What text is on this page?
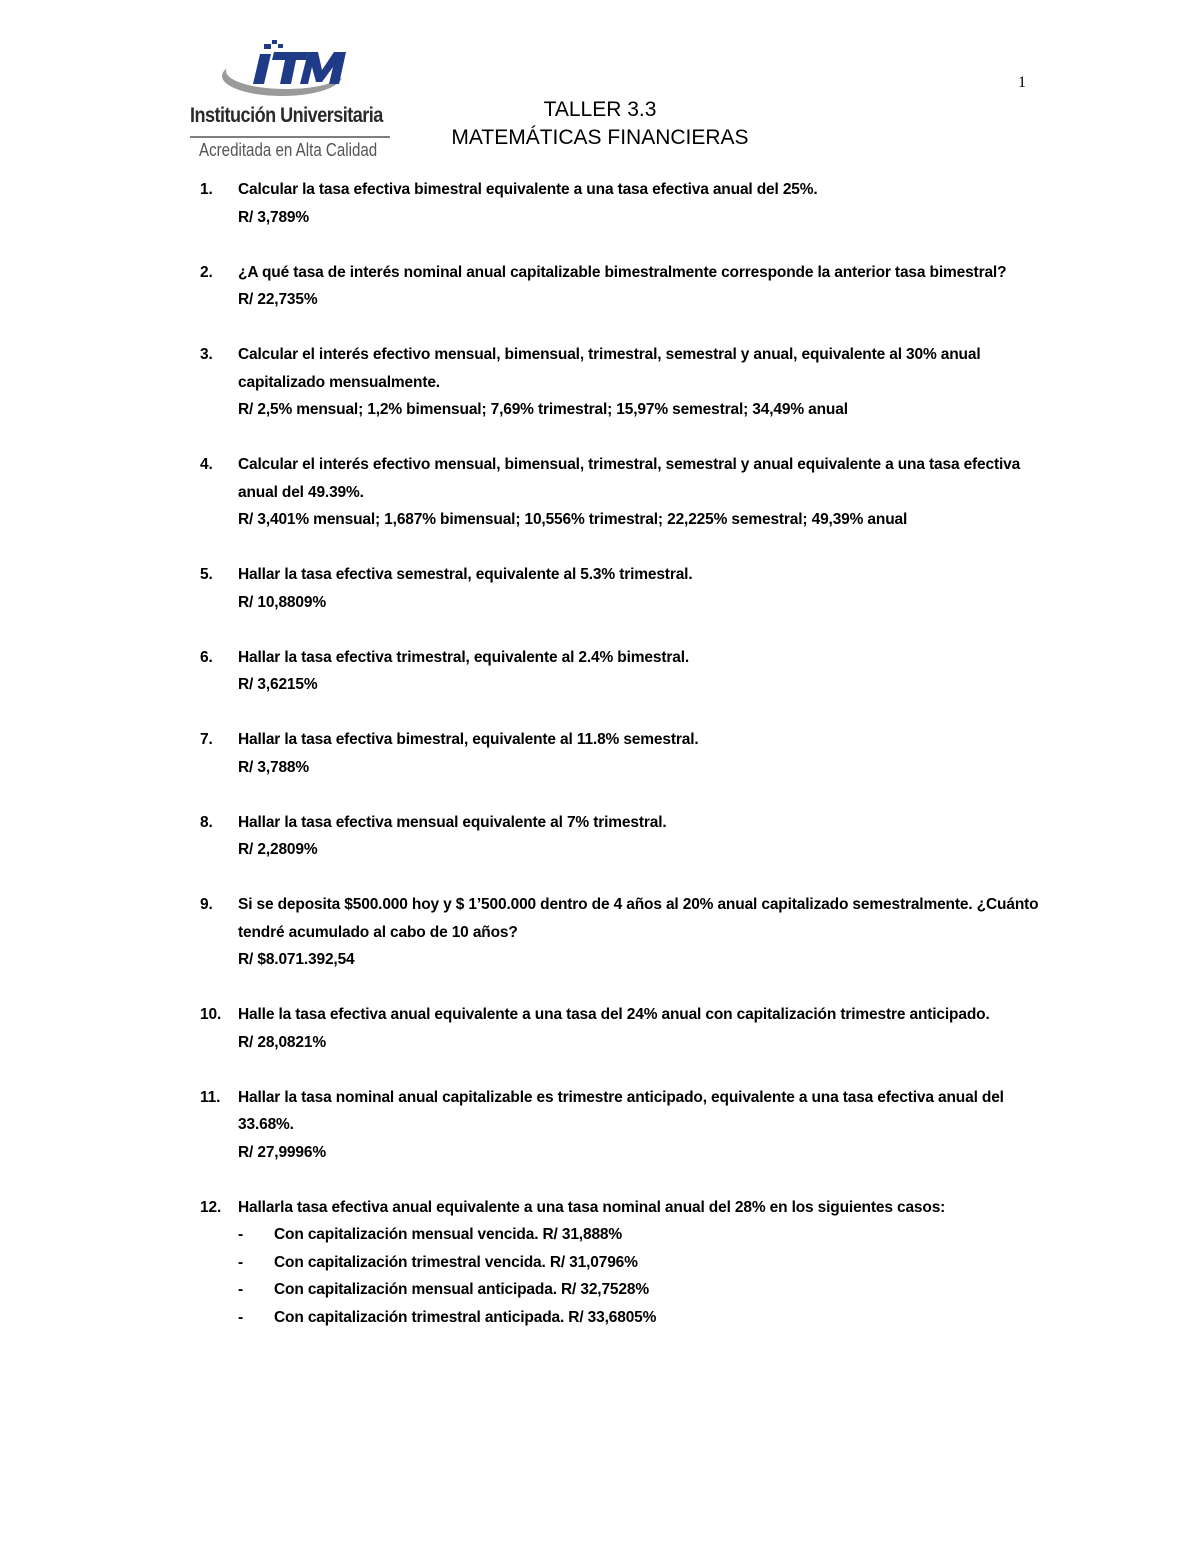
1
Institución Universitaria
Acreditada en Alta Calidad
TALLER 3.3
MATEMÁTICAS FINANCIERAS
1.	Calcular la tasa efectiva bimestral equivalente a una tasa efectiva anual del 25%.
R/ 3,789%
2.	¿A qué tasa de interés nominal anual capitalizable bimestralmente corresponde la anterior tasa bimestral?
R/ 22,735%
3.	Calcular el interés efectivo mensual, bimensual, trimestral, semestral y anual, equivalente al 30% anual capitalizado mensualmente.
R/ 2,5% mensual; 1,2% bimensual; 7,69% trimestral; 15,97% semestral; 34,49% anual
4.	Calcular el interés efectivo mensual, bimensual, trimestral, semestral y anual equivalente a una tasa efectiva anual del 49.39%.
R/ 3,401% mensual; 1,687% bimensual; 10,556% trimestral; 22,225% semestral; 49,39% anual
5.	Hallar la tasa efectiva semestral, equivalente al 5.3% trimestral.
R/ 10,8809%
6.	Hallar la tasa efectiva trimestral, equivalente al 2.4% bimestral.
R/ 3,6215%
7.	Hallar la tasa efectiva bimestral, equivalente al 11.8% semestral.
R/ 3,788%
8.	Hallar la tasa efectiva mensual equivalente al 7% trimestral.
R/ 2,2809%
9.	Si se deposita $500.000 hoy y $ 1’500.000 dentro de 4 años al 20% anual capitalizado semestralmente. ¿Cuánto tendré acumulado al cabo de 10 años?
R/ $8.071.392,54
10.	Halle la tasa efectiva anual equivalente a una tasa del 24% anual con capitalización trimestre anticipado.
R/ 28,0821%
11.	Hallar la tasa nominal anual capitalizable es trimestre anticipado, equivalente a una tasa efectiva anual del 33.68%.
R/ 27,9996%
12.	Hallarla tasa efectiva anual equivalente a una tasa nominal anual del 28% en los siguientes casos:
- Con capitalización mensual vencida. R/ 31,888%
- Con capitalización trimestral vencida. R/ 31,0796%
- Con capitalización mensual anticipada. R/ 32,7528%
- Con capitalización trimestral anticipada. R/ 33,6805%
